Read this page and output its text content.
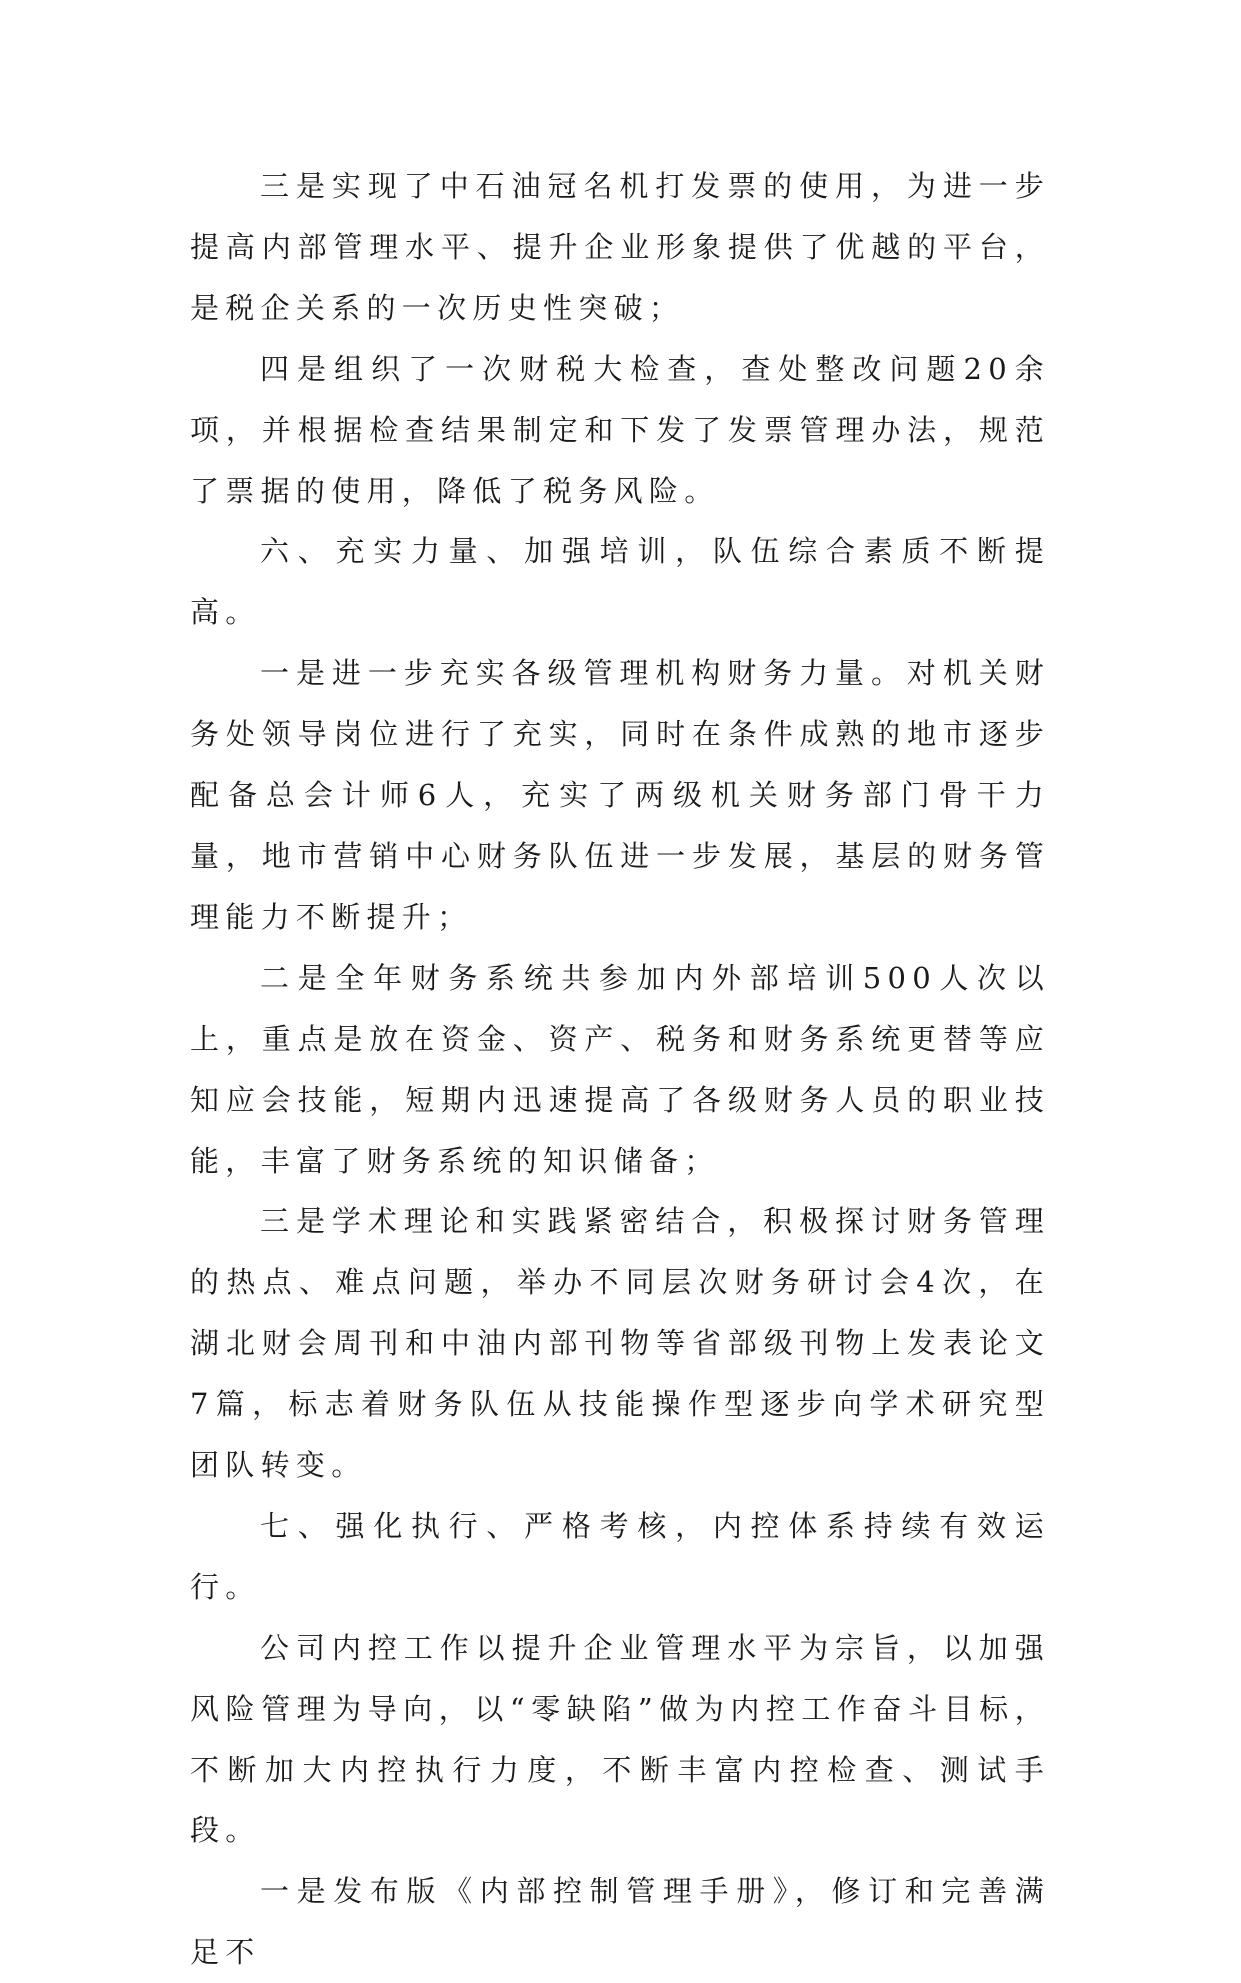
三是实现了中石油冠名机打发票的使用，为进一步提高内部管理水平、提升企业形象提供了优越的平台，是税企关系的一次历史性突破；

四是组织了一次财税大检查，查处整改问题20余项，并根据检查结果制定和下发了发票管理办法，规范了票据的使用，降低了税务风险。

六、充实力量、加强培训，队伍综合素质不断提高。

一是进一步充实各级管理机构财务力量。对机关财务处领导岗位进行了充实，同时在条件成熟的地市逐步配备总会计师6人，充实了两级机关财务部门骨干力量，地市营销中心财务队伍进一步发展，基层的财务管理能力不断提升；

二是全年财务系统共参加内外部培训500人次以上，重点是放在资金、资产、税务和财务系统更替等应知应会技能，短期内迅速提高了各级财务人员的职业技能，丰富了财务系统的知识储备；

三是学术理论和实践紧密结合，积极探讨财务管理的热点、难点问题，举办不同层次财务研讨会4次，在湖北财会周刊和中油内部刊物等省部级刊物上发表论文7篇，标志着财务队伍从技能操作型逐步向学术研究型团队转变。

七、强化执行、严格考核，内控体系持续有效运行。

公司内控工作以提升企业管理水平为宗旨，以加强风险管理为导向，以“零缺陷”做为内控工作奋斗目标，不断加大内控执行力度，不断丰富内控检查、测试手段。

一是发布版《内部控制管理手册》，修订和完善满足不
